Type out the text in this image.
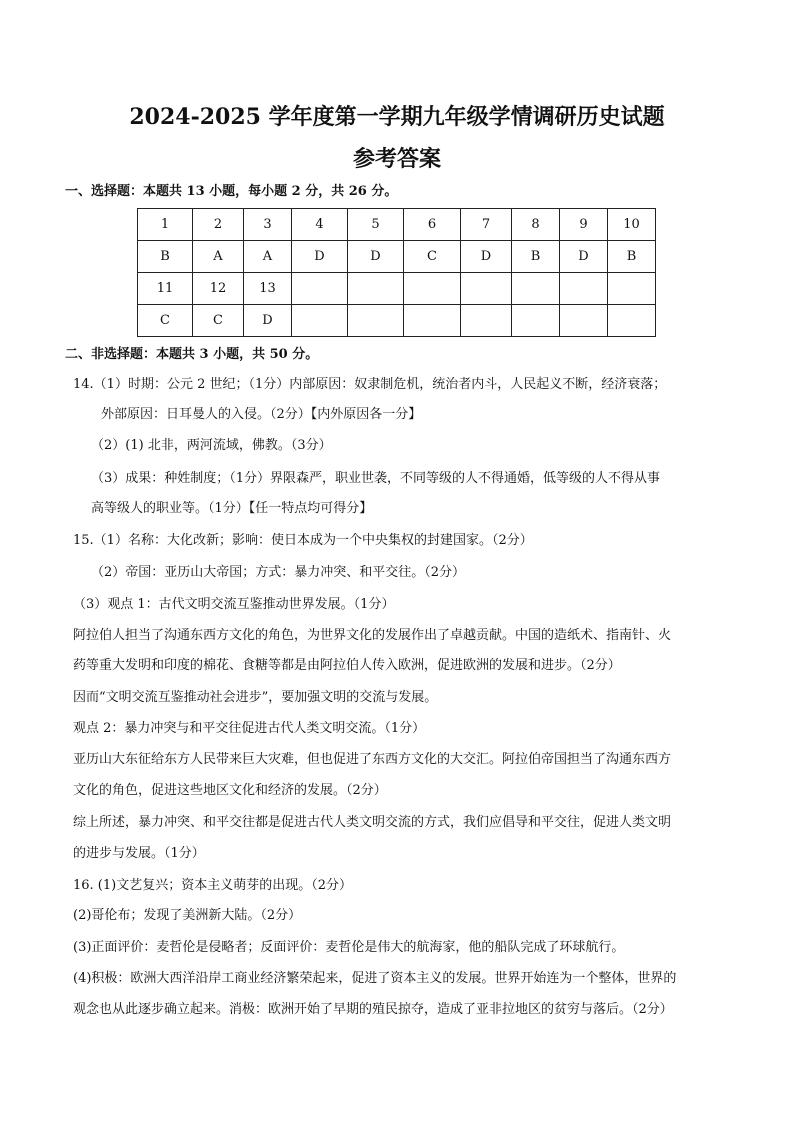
2024-2025 学年度第一学期九年级学情调研历史试题
参考答案
一、选择题：本题共 13 小题，每小题 2 分，共 26 分。
1	2	3	4	5	6	7	8	9	10
B	A	A	D	D	C	D	B	D	B
11	12	13							
C	C	D							
二、非选择题：本题共 3 小题，共 50 分。
14.（1）时期：公元 2 世纪；（1分）内部原因：奴隶制危机，统治者内斗，人民起义不断，经济衰落；
外部原因：日耳曼人的入侵。（2分）【内外原因各一分】
（2）(1) 北非，两河流域，佛教。（3分）
（3）成果：种姓制度；（1分）界限森严，职业世袭，不同等级的人不得通婚，低等级的人不得从事
高等级人的职业等。（1分）【任一特点均可得分】
15.（1）名称：大化改新；影响：使日本成为一个中央集权的封建国家。（2分）
（2）帝国：亚历山大帝国；方式：暴力冲突、和平交往。（2分）
（3）观点 1：古代文明交流互鉴推动世界发展。（1分）
阿拉伯人担当了沟通东西方文化的角色，为世界文化的发展作出了卓越贡献。中国的造纸术、指南针、火
药等重大发明和印度的棉花、食糖等都是由阿拉伯人传入欧洲，促进欧洲的发展和进步。（2分）
因而“文明交流互鉴推动社会进步”，要加强文明的交流与发展。
观点 2：暴力冲突与和平交往促进古代人类文明交流。（1分）
亚历山大东征给东方人民带来巨大灾难，但也促进了东西方文化的大交汇。阿拉伯帝国担当了沟通东西方
文化的角色，促进这些地区文化和经济的发展。（2分）
综上所述，暴力冲突、和平交往都是促进古代人类文明交流的方式，我们应倡导和平交往，促进人类文明
的进步与发展。（1分）
16. (1)文艺复兴；资本主义萌芽的出现。（2分）
(2)哥伦布；发现了美洲新大陆。（2分）
(3)正面评价：麦哲伦是侵略者；反面评价：麦哲伦是伟大的航海家，他的船队完成了环球航行。
(4)积极：欧洲大西洋沿岸工商业经济繁荣起来，促进了资本主义的发展。世界开始连为一个整体，世界的
观念也从此逐步确立起来。消极：欧洲开始了早期的殖民掠夺，造成了亚非拉地区的贫穷与落后。（2分）
